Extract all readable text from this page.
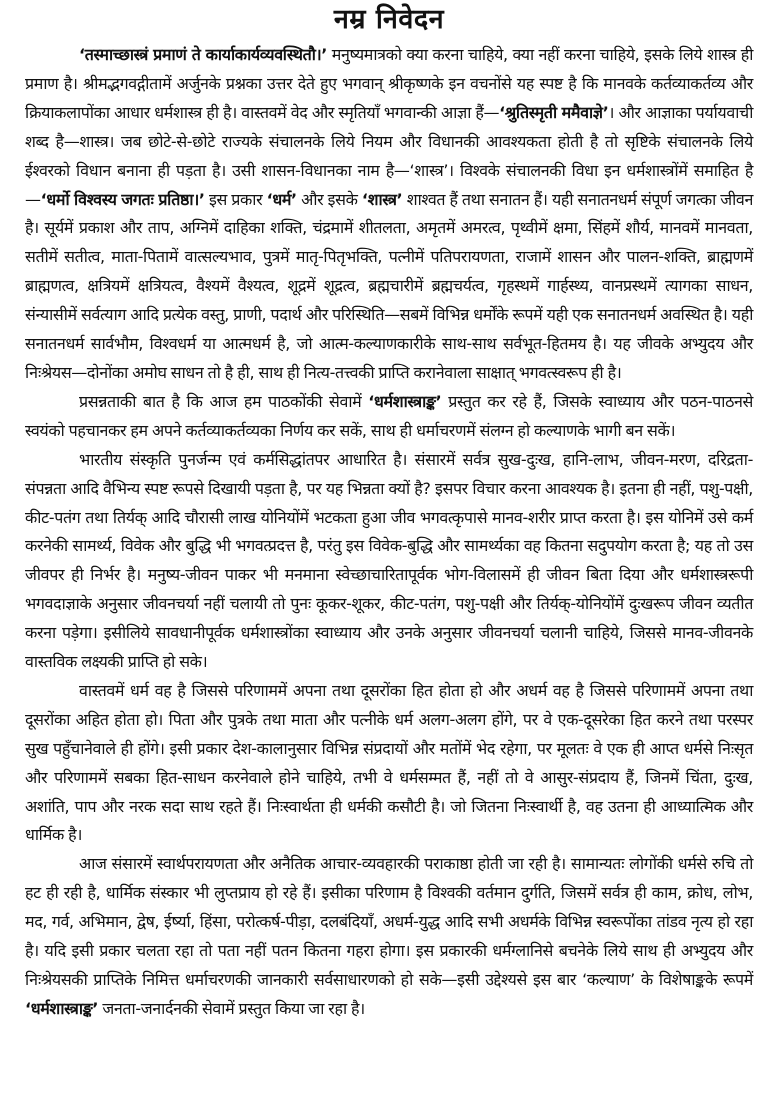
नम्र निवेदन

‘तस्माच्छास्त्रं प्रमाणं ते कार्याकार्यव्यवस्थितौ।’ मनुष्यमात्रको क्या करना चाहिये, क्या नहीं करना चाहिये, इसके लिये शास्त्र ही प्रमाण है। श्रीमद्भगवद्गीतामें अर्जुनके प्रश्नका उत्तर देते हुए भगवान् श्रीकृष्णके इन वचनोंसे यह स्पष्ट है कि मानवके कर्तव्याकर्तव्य और क्रियाकलापोंका आधार धर्मशास्त्र ही है। वास्तवमें वेद और स्मृतियाँ भगवान्की आज्ञा हैं—‘श्रुतिस्मृती ममैवाज्ञे’। और आज्ञाका पर्यायवाची शब्द है—शास्त्र। जब छोटे-से-छोटे राज्यके संचालनके लिये नियम और विधानकी आवश्यकता होती है तो सृष्टिके संचालनके लिये ईश्वरको विधान बनाना ही पड़ता है। उसी शासन-विधानका नाम है—‘शास्त्र’। विश्वके संचालनकी विधा इन धर्मशास्त्रोंमें समाहित है—‘धर्मो विश्वस्य जगतः प्रतिष्ठा।’ इस प्रकार ‘धर्म’ और इसके ‘शास्त्र’ शाश्वत हैं तथा सनातन हैं। यही सनातनधर्म संपूर्ण जगत्का जीवन है। सूर्यमें प्रकाश और ताप, अग्निमें दाहिका शक्ति, चंद्रमामें शीतलता, अमृतमें अमरत्व, पृथ्वीमें क्षमा, सिंहमें शौर्य, मानवमें मानवता, सतीमें सतीत्व, माता-पितामें वात्सल्यभाव, पुत्रमें मातृ-पितृभक्ति, पत्नीमें पतिपरायणता, राजामें शासन और पालन-शक्ति, ब्राह्मणमें ब्राह्मणत्व, क्षत्रियमें क्षत्रियत्व, वैश्यमें वैश्यत्व, शूद्रमें शूद्रत्व, ब्रह्मचारीमें ब्रह्मचर्यत्व, गृहस्थमें गार्हस्थ्य, वानप्रस्थमें त्यागका साधन, संन्यासीमें सर्वत्याग आदि प्रत्येक वस्तु, प्राणी, पदार्थ और परिस्थिति—सबमें विभिन्न धर्मोंके रूपमें यही एक सनातनधर्म अवस्थित है। यही सनातनधर्म सार्वभौम, विश्वधर्म या आत्मधर्म है, जो आत्म-कल्याणकारीके साथ-साथ सर्वभूत-हितमय है। यह जीवके अभ्युदय और निःश्रेयस—दोनोंका अमोघ साधन तो है ही, साथ ही नित्य-तत्त्वकी प्राप्ति करानेवाला साक्षात् भगवत्स्वरूप ही है।

प्रसन्नताकी बात है कि आज हम पाठकोंकी सेवामें ‘धर्मशास्त्राङ्क’ प्रस्तुत कर रहे हैं, जिसके स्वाध्याय और पठन-पाठनसे स्वयंको पहचानकर हम अपने कर्तव्याकर्तव्यका निर्णय कर सकें, साथ ही धर्माचरणमें संलग्न हो कल्याणके भागी बन सकें।

भारतीय संस्कृति पुनर्जन्म एवं कर्मसिद्धांतपर आधारित है। संसारमें सर्वत्र सुख-दुःख, हानि-लाभ, जीवन-मरण, दरिद्रता-संपन्नता आदि वैभिन्य स्पष्ट रूपसे दिखायी पड़ता है, पर यह भिन्नता क्यों है? इसपर विचार करना आवश्यक है। इतना ही नहीं, पशु-पक्षी, कीट-पतंग तथा तिर्यक् आदि चौरासी लाख योनियोंमें भटकता हुआ जीव भगवत्कृपासे मानव-शरीर प्राप्त करता है। इस योनिमें उसे कर्म करनेकी सामर्थ्य, विवेक और बुद्धि भी भगवत्प्रदत्त है, परंतु इस विवेक-बुद्धि और सामर्थ्यका वह कितना सदुपयोग करता है; यह तो उस जीवपर ही निर्भर है। मनुष्य-जीवन पाकर भी मनमाना स्वेच्छाचारितापूर्वक भोग-विलासमें ही जीवन बिता दिया और धर्मशास्त्ररूपी भगवदाज्ञाके अनुसार जीवनचर्या नहीं चलायी तो पुनः कूकर-शूकर, कीट-पतंग, पशु-पक्षी और तिर्यक्-योनियोंमें दुःखरूप जीवन व्यतीत करना पड़ेगा। इसीलिये सावधानीपूर्वक धर्मशास्त्रोंका स्वाध्याय और उनके अनुसार जीवनचर्या चलानी चाहिये, जिससे मानव-जीवनके वास्तविक लक्ष्यकी प्राप्ति हो सके।

वास्तवमें धर्म वह है जिससे परिणाममें अपना तथा दूसरोंका हित होता हो और अधर्म वह है जिससे परिणाममें अपना तथा दूसरोंका अहित होता हो। पिता और पुत्रके तथा माता और पत्नीके धर्म अलग-अलग होंगे, पर वे एक-दूसरेका हित करने तथा परस्पर सुख पहुँचानेवाले ही होंगे। इसी प्रकार देश-कालानुसार विभिन्न संप्रदायों और मतोंमें भेद रहेगा, पर मूलतः वे एक ही आप्त धर्मसे निःसृत और परिणाममें सबका हित-साधन करनेवाले होने चाहिये, तभी वे धर्मसम्मत हैं, नहीं तो वे आसुर-संप्रदाय हैं, जिनमें चिंता, दुःख, अशांति, पाप और नरक सदा साथ रहते हैं। निःस्वार्थता ही धर्मकी कसौटी है। जो जितना निःस्वार्थी है, वह उतना ही आध्यात्मिक और धार्मिक है।

आज संसारमें स्वार्थपरायणता और अनैतिक आचार-व्यवहारकी पराकाष्ठा होती जा रही है। सामान्यतः लोगोंकी धर्मसे रुचि तो हट ही रही है, धार्मिक संस्कार भी लुप्तप्राय हो रहे हैं। इसीका परिणाम है विश्वकी वर्तमान दुर्गति, जिसमें सर्वत्र ही काम, क्रोध, लोभ, मद, गर्व, अभिमान, द्वेष, ईर्ष्या, हिंसा, परोत्कर्ष-पीड़ा, दलबंदियाँ, अधर्म-युद्ध आदि सभी अधर्मके विभिन्न स्वरूपोंका तांडव नृत्य हो रहा है। यदि इसी प्रकार चलता रहा तो पता नहीं पतन कितना गहरा होगा। इस प्रकारकी धर्मग्लानिसे बचनेके लिये साथ ही अभ्युदय और निःश्रेयसकी प्राप्तिके निमित्त धर्माचरणकी जानकारी सर्वसाधारणको हो सके—इसी उद्देश्यसे इस बार ‘कल्याण’ के विशेषाङ्कके रूपमें ‘धर्मशास्त्राङ्क’ जनता-जनार्दनकी सेवामें प्रस्तुत किया जा रहा है।
